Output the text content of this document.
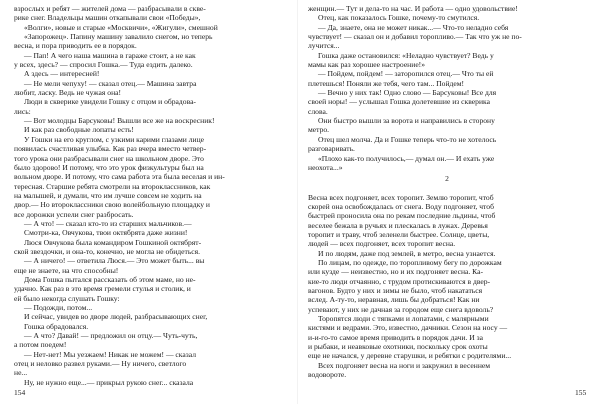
взрослых и ребят — жителей дома — разбрасывали в скве-
рике снег. Владельцы машин откапывали свои «Победы»,
«Волги», новые и старые «Москвичи», «Жигули», смешной
«Запорожец». Папину машину завалило снегом, но теперь
весна, и пора приводить ее в порядок.
— Пап! А чего наша машина в гараже стоит, а не как
у всех, здесь? — спросил Гошка.— Туда ездить далеко.
А здесь — интересней!
— Не мели чепуху! — сказал отец.— Машина завтра
любит, ласку. Ведь не чужая она!
Люди в скверике увидели Гошку с отцом и обрадова-
лись:
— Вот молодцы Барсуковы! Вышли все же на воскресник!
И как раз свободные лопаты есть!
У Гошки на его круглом, с узкими карими глазами лице
появилась счастливая улыбка. Как раз вчера вместо четвер-
того урока они разбрасывали снег на школьном дворе. Это
было здорово! И потому, что это урок физкультуры был на
вольном дворе. И потому, что сама работа эта была веселая и ин-
тересная. Старшие ребята смотрели на второклассников, как
на малышей, и думали, что им лучше совсем не ходить на
двор.— Но второклассники свою волейбольную площадку и
все дорожки успели снег разбросать.
— А что! — сказал кто-то из старших мальчиков.—
Смотри-ка, Овчукова, твои октябрята даже жизни!
Люся Овчукова была командиром Гошкиной октябрят-
ской звездочки, и она-то, конечно, не могла не обидеться.
— А ничего! — ответила Люся.— Это может быть... вы
еще не знаете, на что способны!
Дома Гошка пытался рассказать об этом маме, но не-
удачно. Как раз в это время гремели стулья и столик, и
ей было некогда слушать Гошку:
— Подожди, потом...
И сейчас, увидев во дворе людей, разбрасывающих снег,
Гошка обрадовался.
— А что? Давай! — предложил он отцу.— Чуть-чуть,
а потом поедем!
— Нет-нет! Мы уезжаем! Никак не можем! — сказал
отец и неловко развел руками.— Ну ничего, светлого
не...
Ну, не нужно еще...— прикрыл рукою снег... сказала
154
женщин.— Тут и дела-то на час. И работа — одно удовольствие!
Отец, как показалось Гошке, почему-то смутился.
— Да, знаете, она не может никак...— Что-то неладно себя
чувствует! — сказал он и добавил торопливо.— Так что уж не по-
лучится...
Гошка даже остановился: «Неладно чувствует? Ведь у
мамы как раз хорошее настроение!»
— Пойдем, пойдем! — заторопился отец.— Что ты ей
плетешься! Поняли же тебя, чего там... Пойдем!
— Вечно у них так! Одно слово — Барсуковы! Все для
своей норы! — услышал Гошка долетевшие из скверика
слова.
Они быстро вышли за ворота и направились в сторону
метро.
Отец шел молча. Да и Гошке теперь что-то не хотелось
разговаривать.
«Плохо как-то получилось,— думал он.— И ехать уже
неохота...»
2
Весна всех подгоняет, всех торопит. Землю торопит, чтоб
скорей она освобождалась от снега. Воду подгоняет, чтоб
быстрей проносила она по рекам последние льдины, чтоб
веселее бежала в ручьях и плескалась в лужах. Деревья
торопит и траву, чтоб зеленели быстрее. Солнце, цветы,
людей — всех подгоняет, всех торопит весна.
И по людям, даже под землей, в метро, весна узнается.
По лицам, по одежде, по торопливому бегу по дорожкам
или кузде — неизвестно, но и их подгоняет весна. Ка-
кие-то люди отчаянно, с трудом протискиваются в двер-
вагонов. Будто у них и зимы не было, чтоб накататься
вслед. А-ту-то, неравная, лишь бы добраться! Как ни
успевают, у них не дачная за городом еще снега вдоволь?
Торопятся люди с тяпками и лопатами, с малярными
кистями и ведрами. Это, известно, дачники. Сезон на носу —
и-и-го-то самое время приводить в порядок дачи. И за
и рыбаки, и неавковые охотники, поскольку срок охоты
еще не начался, у деревне старушки, и ребятки с родителями...
Всех подгоняет весна на ноги и закружил в весеннем
водовороте.
155
